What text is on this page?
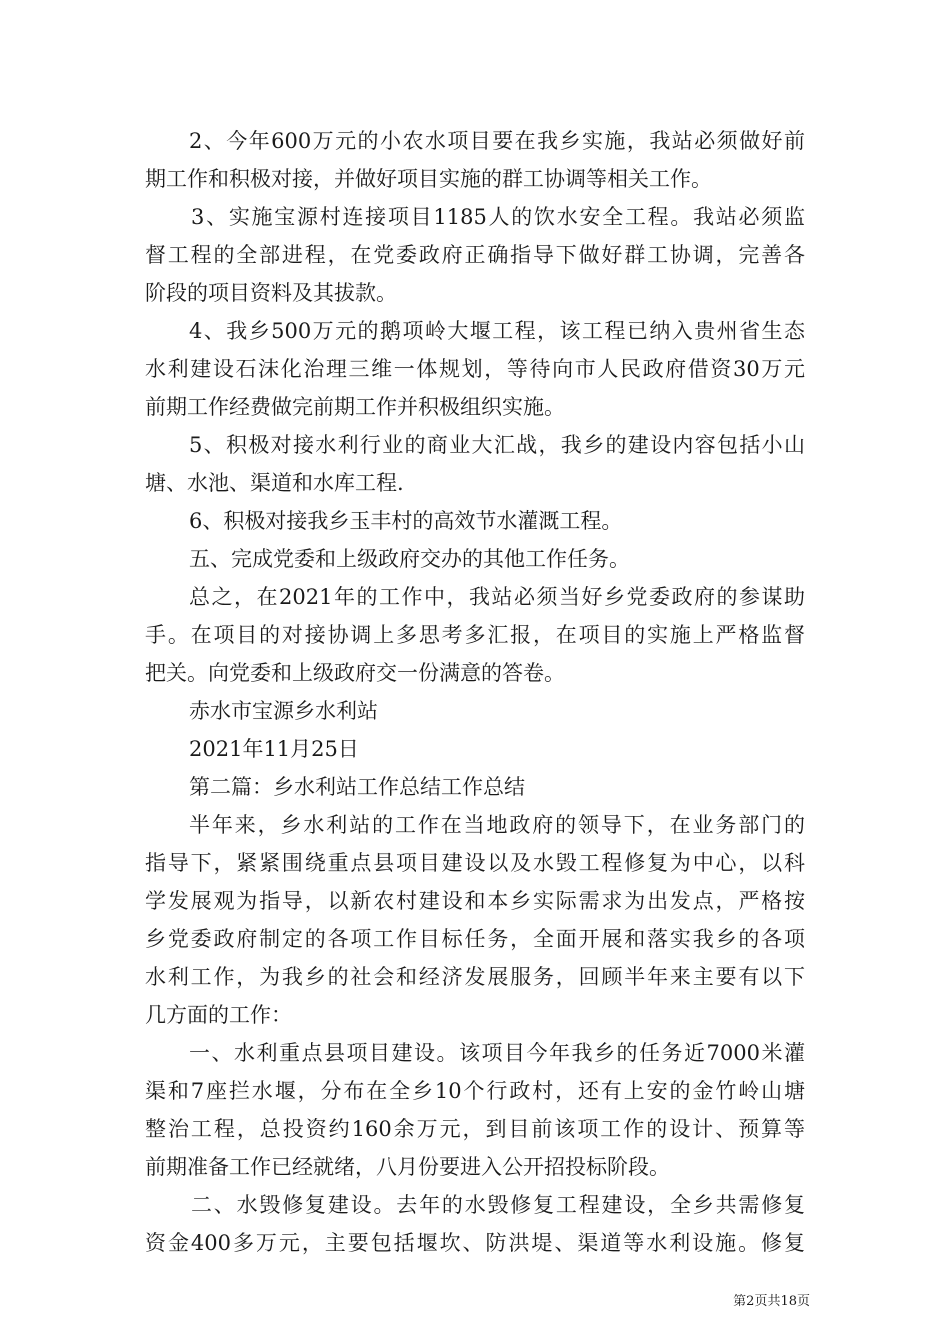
2、今年600万元的小农水项目要在我乡实施，我站必须做好前
期工作和积极对接，并做好项目实施的群工协调等相关工作。
3、实施宝源村连接项目1185人的饮水安全工程。我站必须监
督工程的全部进程，在党委政府正确指导下做好群工协调，完善各
阶段的项目资料及其拔款。
4、我乡500万元的鹅项岭大堰工程，该工程已纳入贵州省生态
水利建设石沫化治理三维一体规划，等待向市人民政府借资30万元
前期工作经费做完前期工作并积极组织实施。
5、积极对接水利行业的商业大汇战，我乡的建设内容包括小山
塘、水池、渠道和水库工程.
6、积极对接我乡玉丰村的高效节水灌溉工程。
五、完成党委和上级政府交办的其他工作任务。
总之，在2021年的工作中，我站必须当好乡党委政府的参谋助
手。在项目的对接协调上多思考多汇报，在项目的实施上严格监督
把关。向党委和上级政府交一份满意的答卷。
赤水市宝源乡水利站
2021年11月25日
第二篇：乡水利站工作总结工作总结
半年来，乡水利站的工作在当地政府的领导下，在业务部门的
指导下，紧紧围绕重点县项目建设以及水毁工程修复为中心，以科
学发展观为指导，以新农村建设和本乡实际需求为出发点，严格按
乡党委政府制定的各项工作目标任务，全面开展和落实我乡的各项
水利工作，为我乡的社会和经济发展服务，回顾半年来主要有以下
几方面的工作：
一、水利重点县项目建设。该项目今年我乡的任务近7000米灌
渠和7座拦水堰，分布在全乡10个行政村，还有上安的金竹岭山塘
整治工程，总投资约160余万元，到目前该项工作的设计、预算等
前期准备工作已经就绪，八月份要进入公开招投标阶段。
二、水毁修复建设。去年的水毁修复工程建设，全乡共需修复
资金400多万元，主要包括堰坎、防洪堤、渠道等水利设施。修复
第2页共18页
